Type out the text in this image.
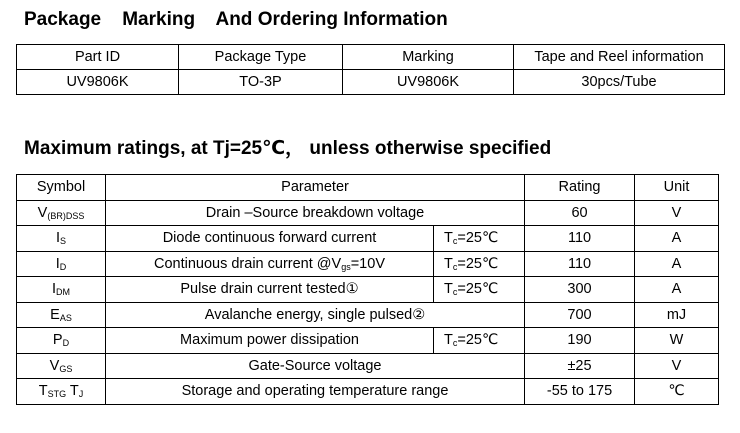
Package    Marking    And Ordering Information
Part ID	Package Type	Marking	Tape and Reel information
UV9806K	TO-3P	UV9806K	30pcs/Tube
Maximum ratings, at Tj=25℃， unless otherwise specified
Symbol	Parameter		Rating	Unit
$V_{(BR)DSS}$	Drain –Source breakdown voltage		60	V
$I_S$	Diode continuous forward current	$T_c=25℃$	110	A
$I_D$	Continuous drain current $@V_{gs}=10V$	$T_c=25℃$	110	A
$I_{DM}$	Pulse drain current tested①	$T_c=25℃$	300	A
$E_{AS}$	Avalanche energy, single pulsed②		700	mJ
$P_D$	Maximum power dissipation	$T_c=25℃$	190	W
$V_{GS}$	Gate-Source voltage		±25	V
$T_{STG}$ $T_J$	Storage and operating temperature range		-55 to 175	℃
